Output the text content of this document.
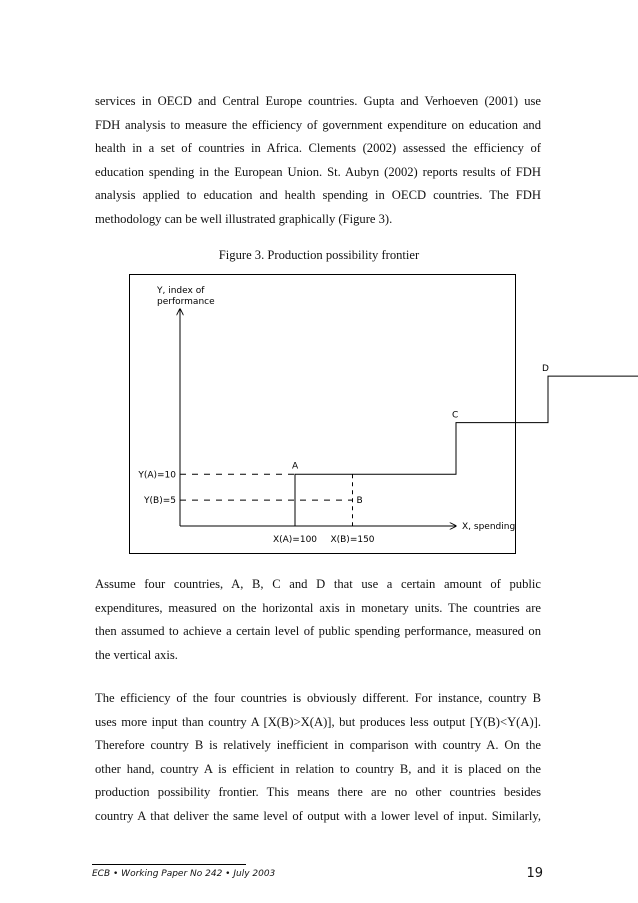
services in OECD and Central Europe countries. Gupta and Verhoeven (2001) use
FDH analysis to measure the efficiency of government expenditure on education and
health in a set of countries in Africa. Clements (2002) assessed the efficiency of
education spending in the European Union. St. Aubyn (2002) reports results of FDH
analysis applied to education and health spending in OECD countries. The FDH
methodology can be well illustrated graphically (Figure 3).
Figure 3. Production possibility frontier
Y, index of
performance
X, spending
A
B
C
D
Y(A)=10
Y(B)=5
X(A)=100 X(B)=150
Assume four countries, A, B, C and D that use a certain amount of public
expenditures, measured on the horizontal axis in monetary units. The countries are
then assumed to achieve a certain level of public spending performance, measured on
the vertical axis.
The efficiency of the four countries is obviously different. For instance, country B
uses more input than country A [X(B)>X(A)], but produces less output [Y(B)<Y(A)].
Therefore country B is relatively inefficient in comparison with country A. On the
other hand, country A is efficient in relation to country B, and it is placed on the
production possibility frontier. This means there are no other countries besides
country A that deliver the same level of output with a lower level of input. Similarly,
ECB • Working Paper No 242 • July 2003	19
